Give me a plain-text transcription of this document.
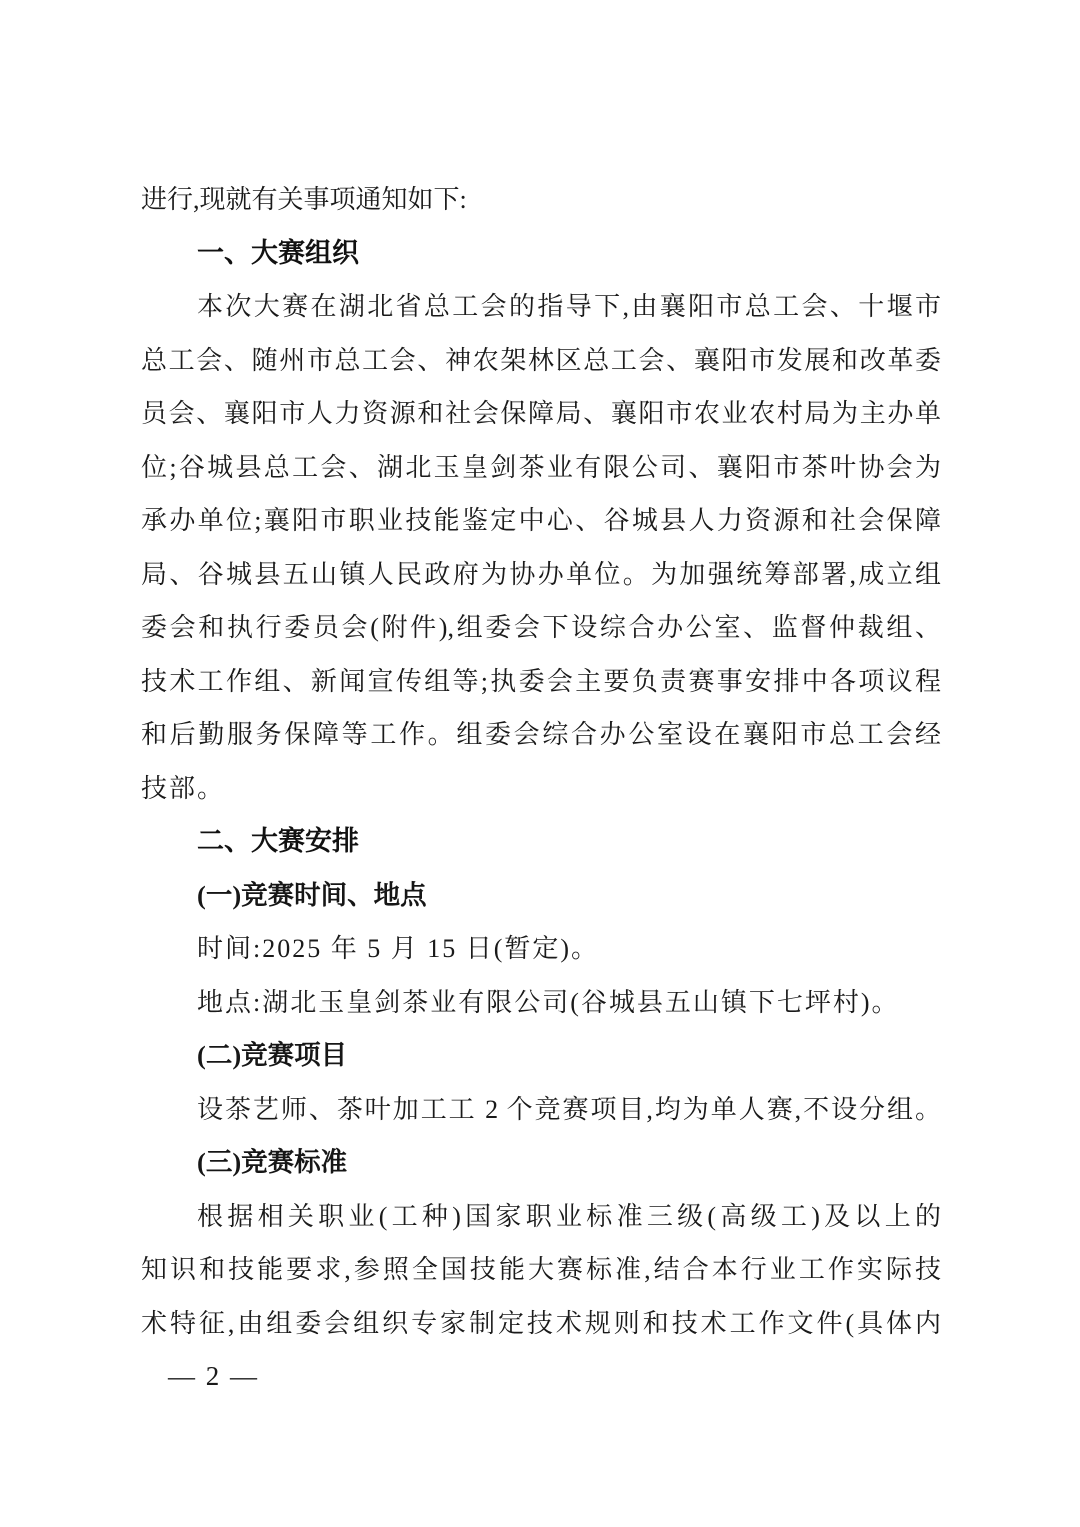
进行,现就有关事项通知如下:
一、大赛组织
本次大赛在湖北省总工会的指导下,由襄阳市总工会、十堰市
总工会、随州市总工会、神农架林区总工会、襄阳市发展和改革委
员会、襄阳市人力资源和社会保障局、襄阳市农业农村局为主办单
位;谷城县总工会、湖北玉皇剑茶业有限公司、襄阳市茶叶协会为
承办单位;襄阳市职业技能鉴定中心、谷城县人力资源和社会保障
局、谷城县五山镇人民政府为协办单位。为加强统筹部署,成立组
委会和执行委员会(附件),组委会下设综合办公室、监督仲裁组、
技术工作组、新闻宣传组等;执委会主要负责赛事安排中各项议程
和后勤服务保障等工作。组委会综合办公室设在襄阳市总工会经
技部。
二、大赛安排
(一)竞赛时间、地点
时间:2025 年 5 月 15 日(暂定)。
地点:湖北玉皇剑茶业有限公司(谷城县五山镇下七坪村)。
(二)竞赛项目
设茶艺师、茶叶加工工 2 个竞赛项目,均为单人赛,不设分组。
(三)竞赛标准
根据相关职业(工种)国家职业标准三级(高级工)及以上的
知识和技能要求,参照全国技能大赛标准,结合本行业工作实际技
术特征,由组委会组织专家制定技术规则和技术工作文件(具体内
— 2 —
